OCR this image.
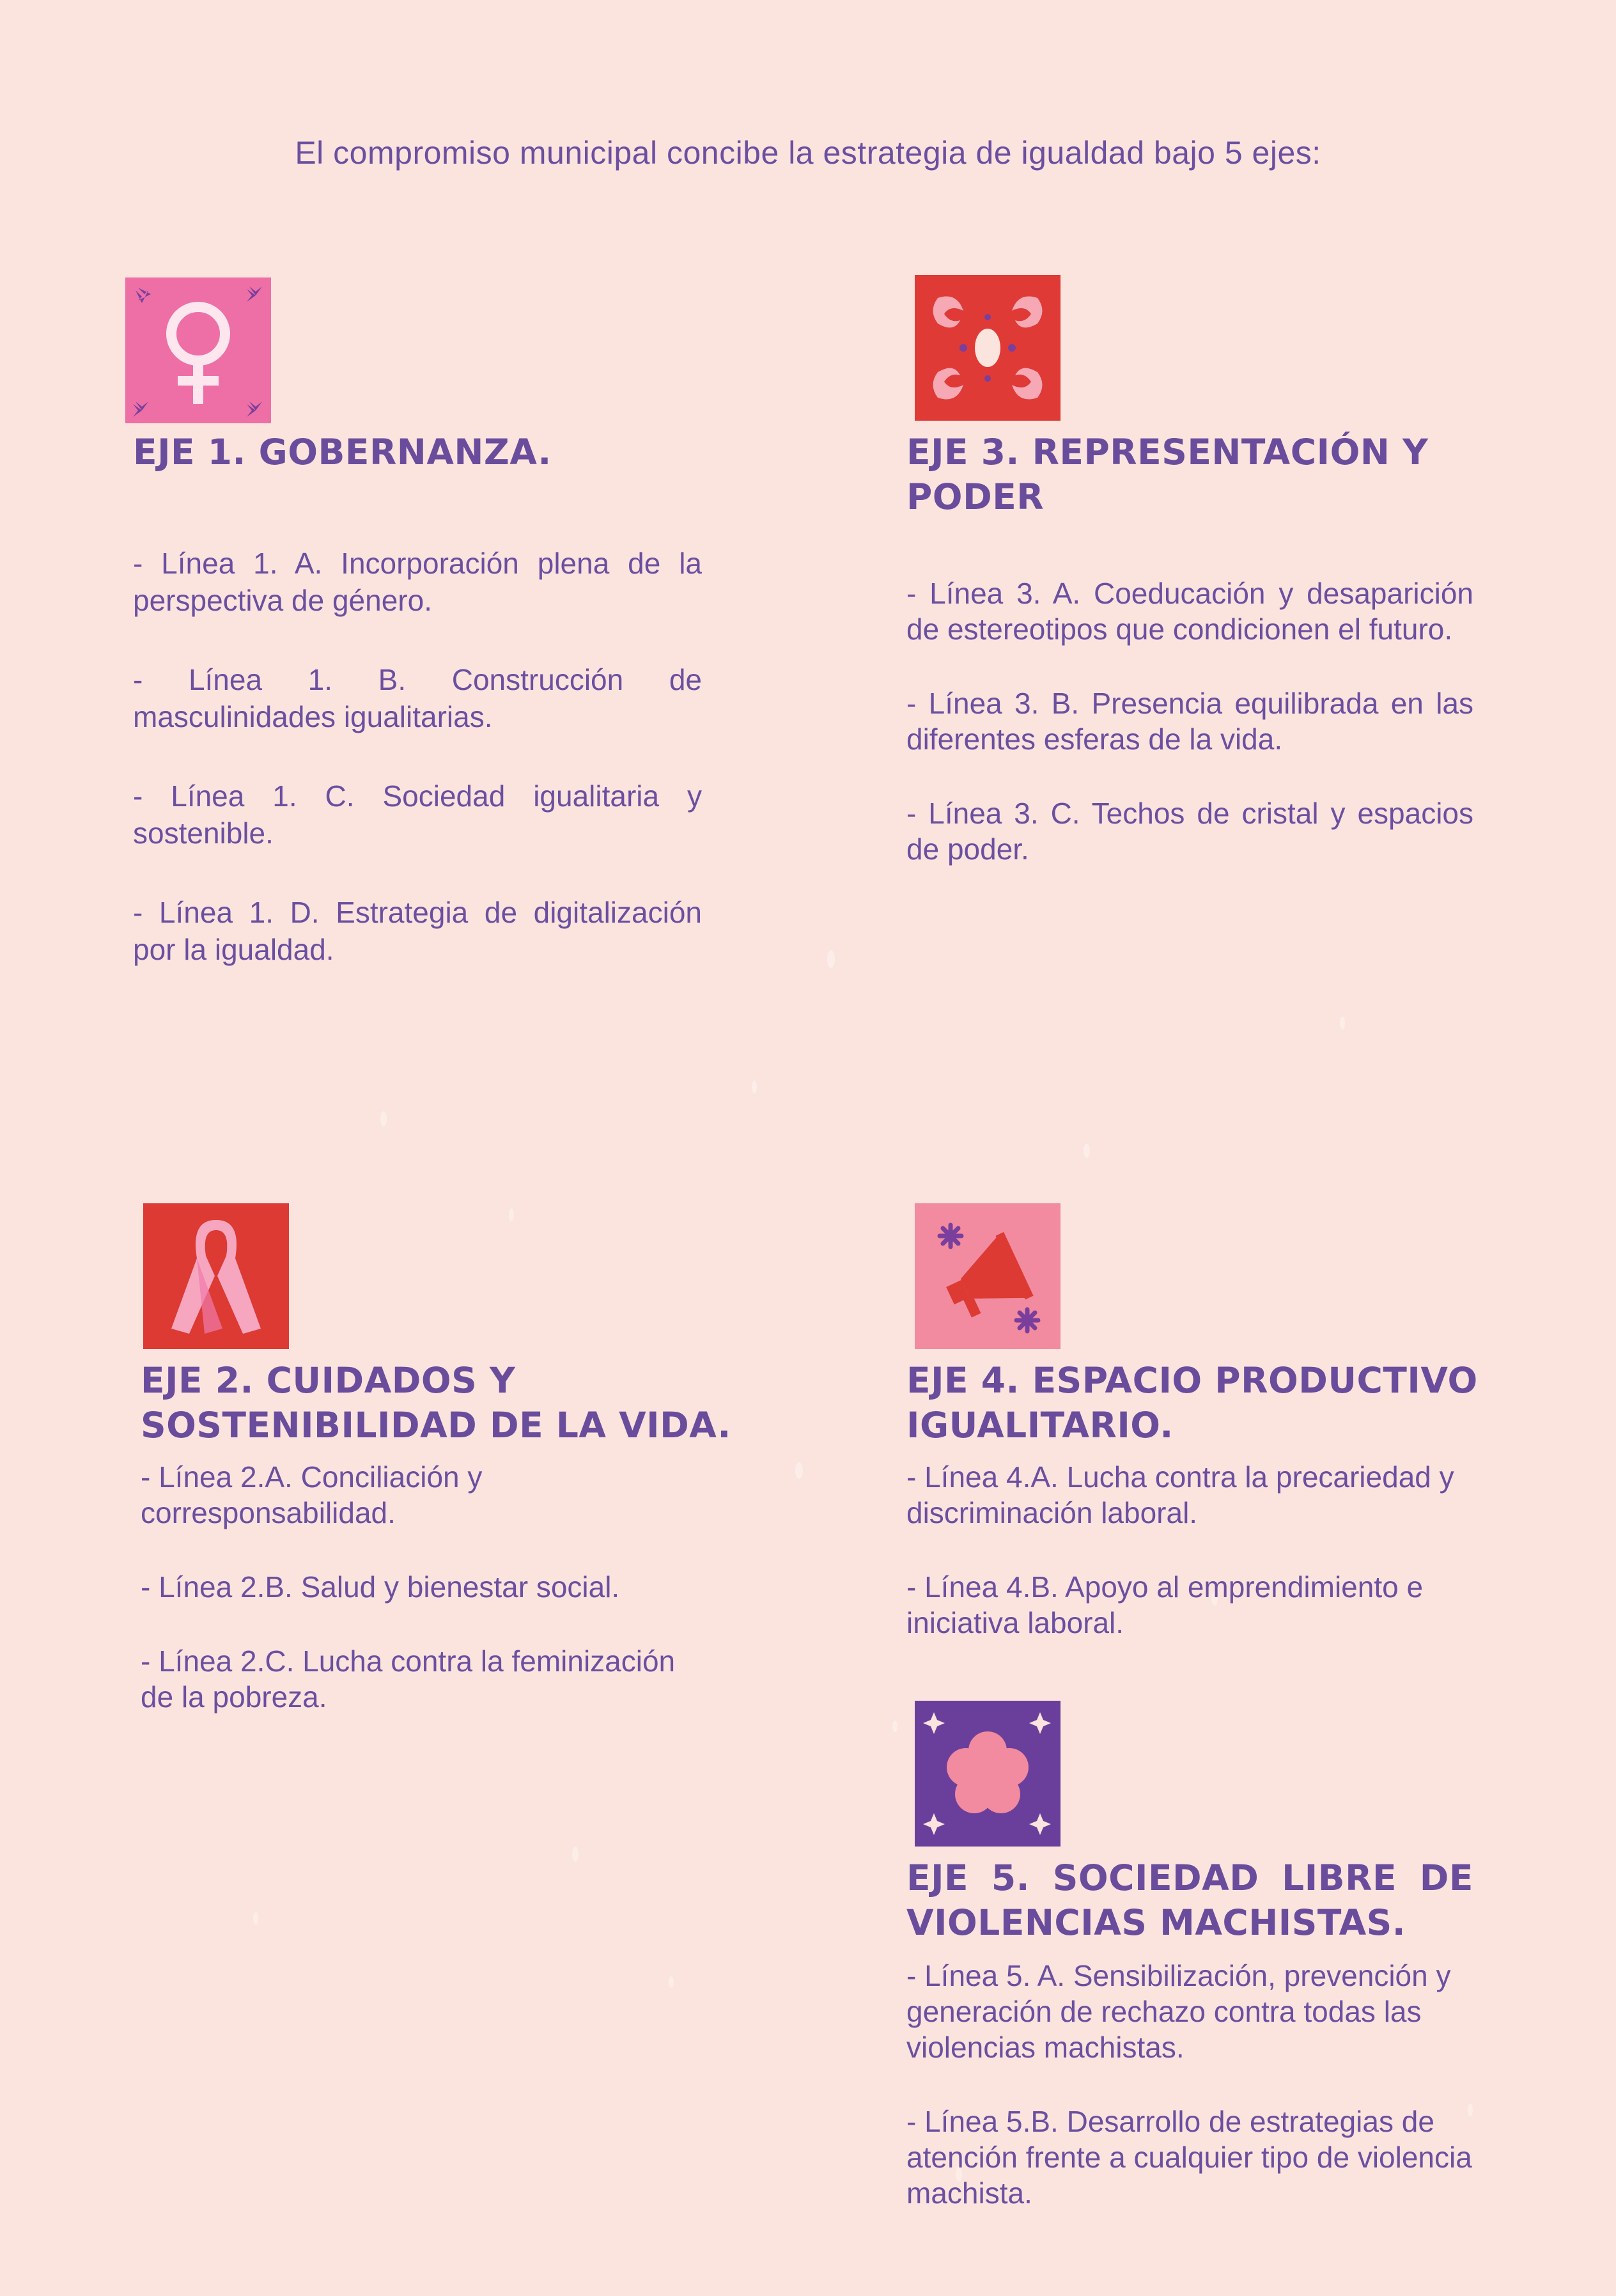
El compromiso municipal concibe la estrategia de igualdad bajo 5 ejes:

EJE 1. GOBERNANZA.

- Línea 1. A. Incorporación plena de la perspectiva de género.

- Línea 1. B. Construcción de masculinidades igualitarias.

- Línea 1. C. Sociedad igualitaria y sostenible.

- Línea 1. D. Estrategia de digitalización por la igualdad.

EJE 3. REPRESENTACIÓN Y PODER

- Línea 3. A. Coeducación y desaparición de estereotipos que condicionen el futuro.

- Línea 3. B. Presencia equilibrada en las diferentes esferas de la vida.

- Línea 3. C. Techos de cristal y espacios de poder.

EJE 2. CUIDADOS Y SOSTENIBILIDAD DE LA VIDA.

- Línea 2.A. Conciliación y corresponsabilidad.

- Línea 2.B. Salud y bienestar social.

- Línea 2.C. Lucha contra la feminización de la pobreza.

EJE 4. ESPACIO PRODUCTIVO IGUALITARIO.

- Línea 4.A. Lucha contra la precariedad y discriminación laboral.

- Línea 4.B. Apoyo al emprendimiento e iniciativa laboral.

EJE 5. SOCIEDAD LIBRE DE VIOLENCIAS MACHISTAS.

- Línea 5. A. Sensibilización, prevención y generación de rechazo contra todas las violencias machistas.

- Línea 5.B. Desarrollo de estrategias de atención frente a cualquier tipo de violencia machista.
